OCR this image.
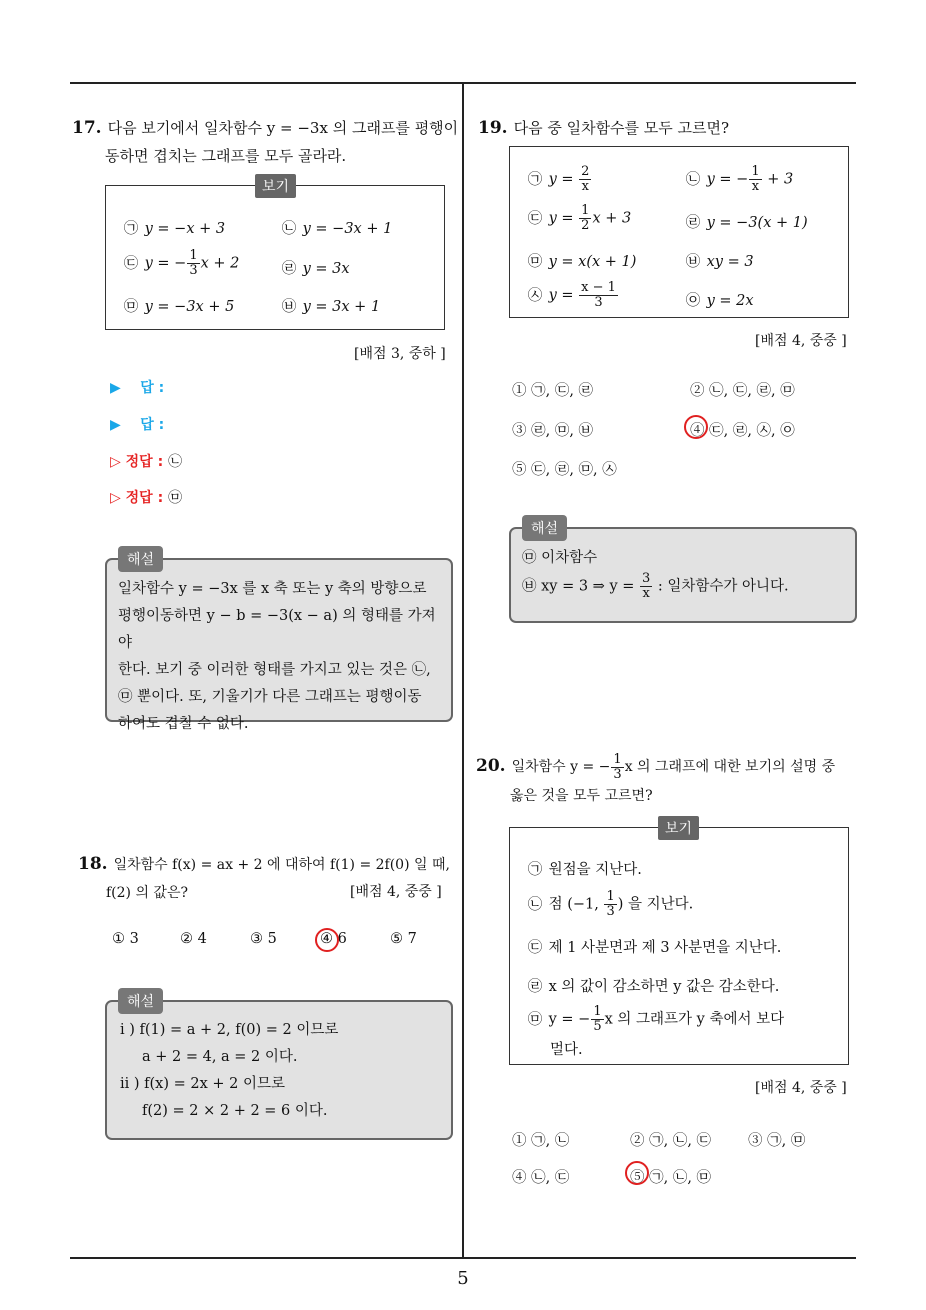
17. 다음 보기에서 일차함수 y = −3x 의 그래프를 평행이
동하면 겹치는 그래프를 모두 골라라.
보기
㉠ y = −x + 3	㉡ y = −3x + 1
㉢ y = − $\frac{1}{3}$ x + 2	㉣ y = 3x
㉤ y = −3x + 5	㉥ y = 3x + 1
[배점 3, 중하 ]
▶ 답 :
▶ 답 :
▷ 정답 : ㉡
▷ 정답 : ㉤
해설
일차함수 y = −3x 를 x 축 또는 y 축의 방향으로
평행이동하면 y − b = −3(x − a) 의 형태를 가져야
한다. 보기 중 이러한 형태를 가지고 있는 것은 ㉡,
㉤ 뿐이다. 또, 기울기가 다른 그래프는 평행이동
하여도 겹칠 수 없다.
18. 일차함수 f(x) = ax + 2 에 대하여 f(1) = 2f(0) 일 때,
f(2) 의 값은?	[배점 4, 중중 ]
① 3	② 4	③ 5	④ 6	⑤ 7
해설
i ) f(1) = a + 2, f(0) = 2 이므로
a + 2 = 4, a = 2 이다.
ii ) f(x) = 2x + 2 이므로
f(2) = 2 × 2 + 2 = 6 이다.
19. 다음 중 일차함수를 모두 고르면?
㉠ $y = \frac{2}{x}$	㉡ y = − $\frac{1}{x} + 3$
㉢ $y = \frac{1}{2}$ x + 3	㉣ y = −3(x + 1)
㉤ y = x(x + 1)	㉥ xy = 3
㉦ $y = \frac{x - 1}{3}$	㉧ y = 2x
[배점 4, 중중 ]
① ㉠, ㉢, ㉣	② ㉡, ㉢, ㉣, ㉤
③ ㉣, ㉤, ㉥	④ ㉢, ㉣, ㉦, ㉧
⑤ ㉢, ㉣, ㉤, ㉦
해설
㉤ 이차함수
㉥ xy = 3 ⇒ $y = \frac{3}{x}$ : 일차함수가 아니다.
20. 일차함수 y = − $\frac{1}{3}$ x 의 그래프에 대한 보기의 설명 중
옳은 것을 모두 고르면?
보기
㉠ 원점을 지난다.
㉡ 점 (−1, $\frac{1}{3}$ ) 을 지난다.
㉢ 제 1 사분면과 제 3 사분면을 지난다.
㉣ x 의 값이 감소하면 y 값은 감소한다.
㉤ y = − $\frac{1}{5}$ x 의 그래프가 y 축에서 보다
멀다.
[배점 4, 중중 ]
① ㉠, ㉡	② ㉠, ㉡, ㉢	③ ㉠, ㉤
④ ㉡, ㉢	⑤ ㉠, ㉡, ㉤
5
